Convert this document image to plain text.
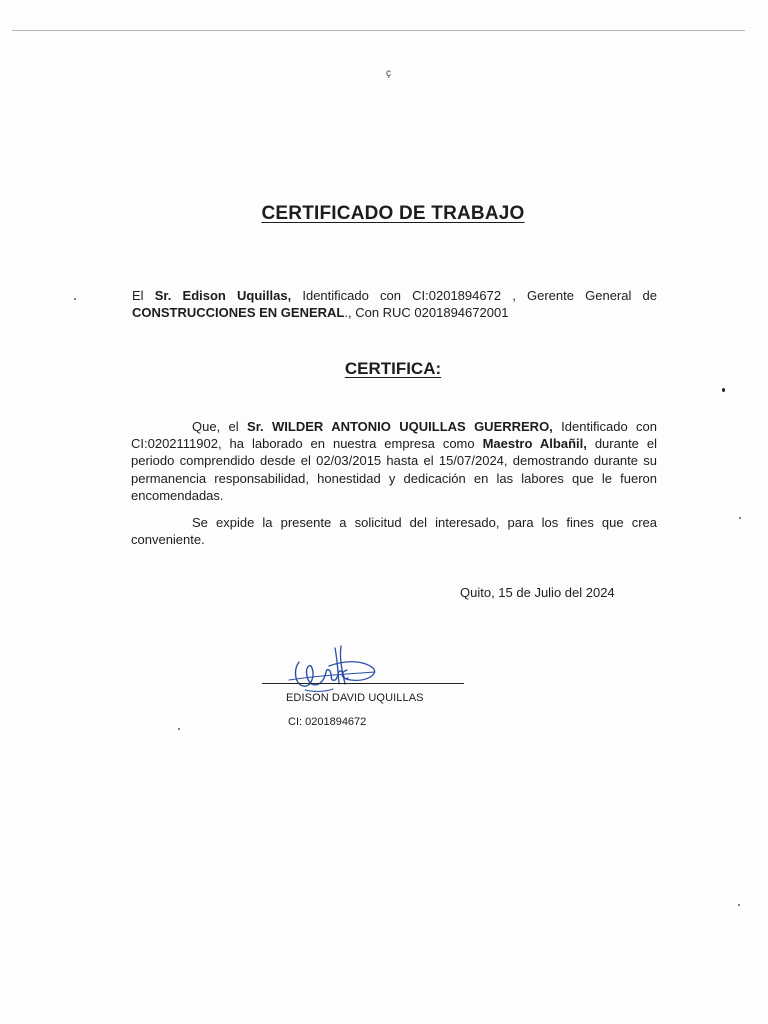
ç
CERTIFICADO DE TRABAJO
El Sr. Edison Uquillas, Identificado con CI:0201894672 , Gerente General de CONSTRUCCIONES EN GENERAL., Con RUC 0201894672001
CERTIFICA:
Que, el Sr. WILDER ANTONIO UQUILLAS GUERRERO, Identificado con CI:0202111902, ha laborado en nuestra empresa como Maestro Albañil, durante el periodo comprendido desde el 02/03/2015 hasta el 15/07/2024, demostrando durante su permanencia responsabilidad, honestidad y dedicación en las labores que le fueron encomendadas.
Se expide la presente a solicitud del interesado, para los fines que crea conveniente.
Quito, 15 de Julio del 2024
EDISON DAVID UQUILLAS
CI: 0201894672
